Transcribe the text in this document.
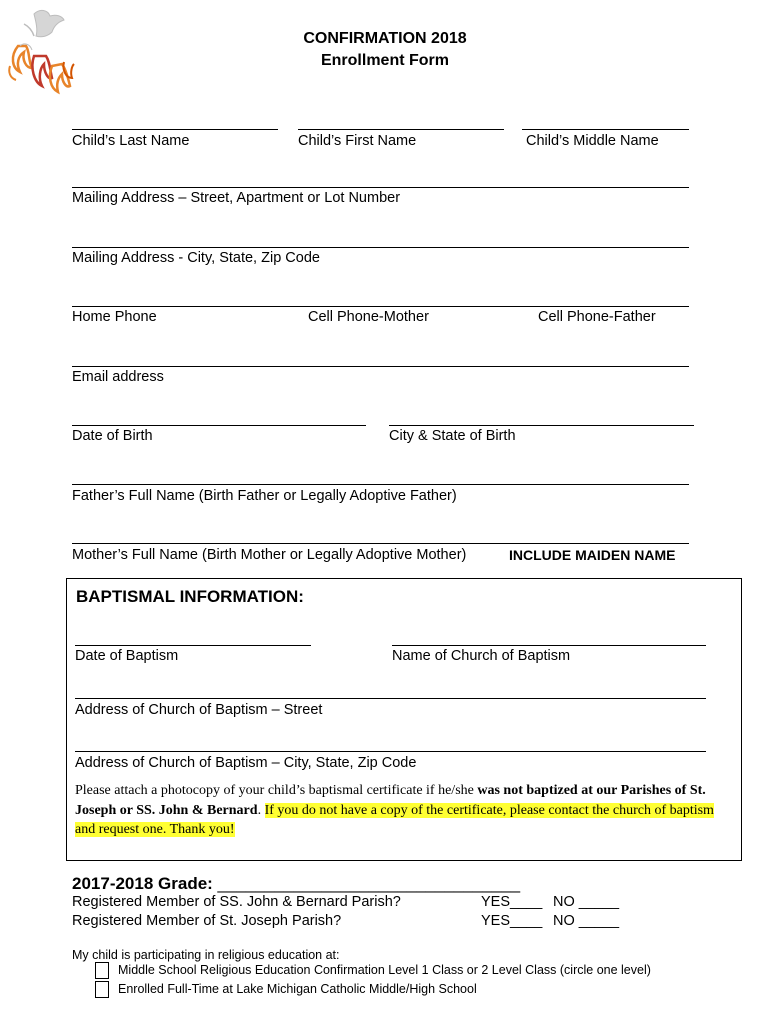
CONFIRMATION 2018
Enrollment Form
Child’s Last Name	Child’s First Name	Child’s Middle Name
Mailing Address – Street, Apartment or Lot Number
Mailing Address - City, State, Zip Code
Home Phone	Cell Phone-Mother	Cell Phone-Father
Email address
Date of Birth	City & State of Birth
Father’s Full Name (Birth Father or Legally Adoptive Father)
Mother’s Full Name (Birth Mother or Legally Adoptive Mother)	INCLUDE MAIDEN NAME
BAPTISMAL INFORMATION:
Date of Baptism	Name of Church of Baptism
Address of Church of Baptism – Street
Address of Church of Baptism – City, State, Zip Code
Please attach a photocopy of your child’s baptismal certificate if he/she was not baptized at our Parishes of St. Joseph or SS. John & Bernard. If you do not have a copy of the certificate, please contact the church of baptism and request one. Thank you!
2017-2018 Grade: ________________________________
Registered Member of SS. John & Bernard Parish?	YES____ NO _____
Registered Member of St. Joseph Parish?	YES____ NO _____
My child is participating in religious education at:
Middle School Religious Education Confirmation Level 1 Class or 2 Level Class (circle one level)
Enrolled Full-Time at Lake Michigan Catholic Middle/High School
